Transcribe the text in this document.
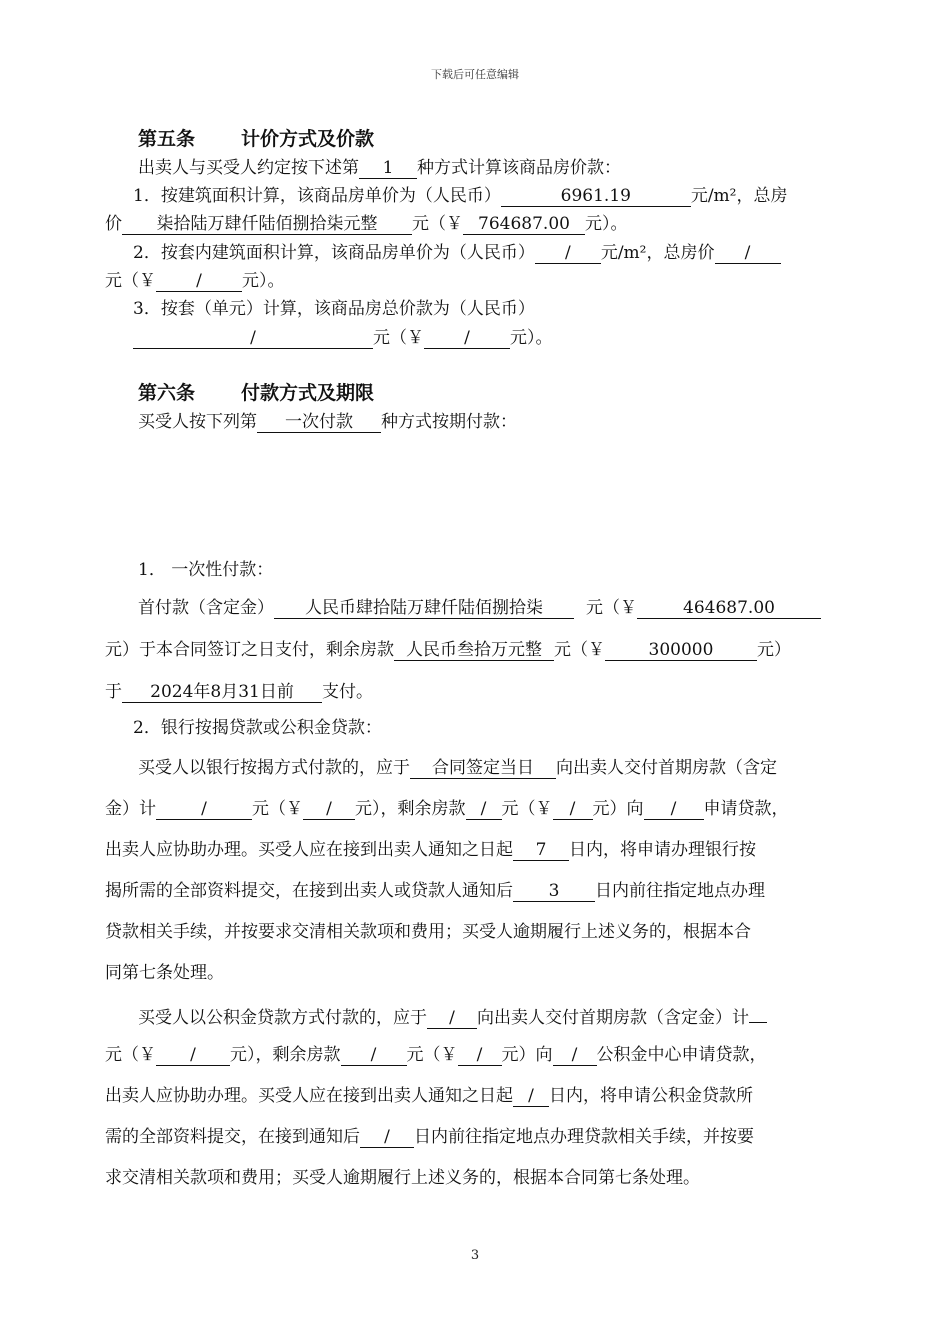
下载后可任意编辑
第五条 计价方式及价款
出卖人与买受人约定按下述第 1 种方式计算该商品房价款：
1．按建筑面积计算，该商品房单价为（人民币）	6961.19	元/m²，总房
价 柒拾陆万肆仟陆佰捌拾柒元整 元（￥ 764687.00 元）。
2．按套内建筑面积计算，该商品房单价为（人民币） / 元/m²，总房价 /
元（￥ / 元）。
3．按套（单元）计算，该商品房总价款为（人民币）
/	元（￥ / 元）。
第六条 付款方式及期限
买受人按下列第 一次付款 种方式按期付款：
1． 一次性付款：
首付款（含定金） 人民币肆拾陆万肆仟陆佰捌拾柒	元（￥	464687.00
元）于本合同签订之日支付，剩余房款 人民币叁拾万元整 元（￥	300000	元）
于 2024年8月31日前 支付。
2．银行按揭贷款或公积金贷款：
买受人以银行按揭方式付款的，应于 合同签定当日 向出卖人交付首期房款（含定
金）计	/	元（￥ / 元），剩余房款 / 元（￥ / 元）向 / 申请贷款，
出卖人应协助办理。买受人应在接到出卖人通知之日起 7 日内，将申请办理银行按
揭所需的全部资料提交，在接到出卖人或贷款人通知后 3 日内前往指定地点办理
贷款相关手续，并按要求交清相关款项和费用；买受人逾期履行上述义务的，根据本合
同第七条处理。
买受人以公积金贷款方式付款的，应于 / 向出卖人交付首期房款（含定金）计
元（￥ / 元），剩余房款 / 元（￥ / 元）向 / 公积金中心申请贷款，
出卖人应协助办理。买受人应在接到出卖人通知之日起 / 日内，将申请公积金贷款所
需的全部资料提交，在接到通知后 / 日内前往指定地点办理贷款相关手续，并按要
求交清相关款项和费用；买受人逾期履行上述义务的，根据本合同第七条处理。
3
